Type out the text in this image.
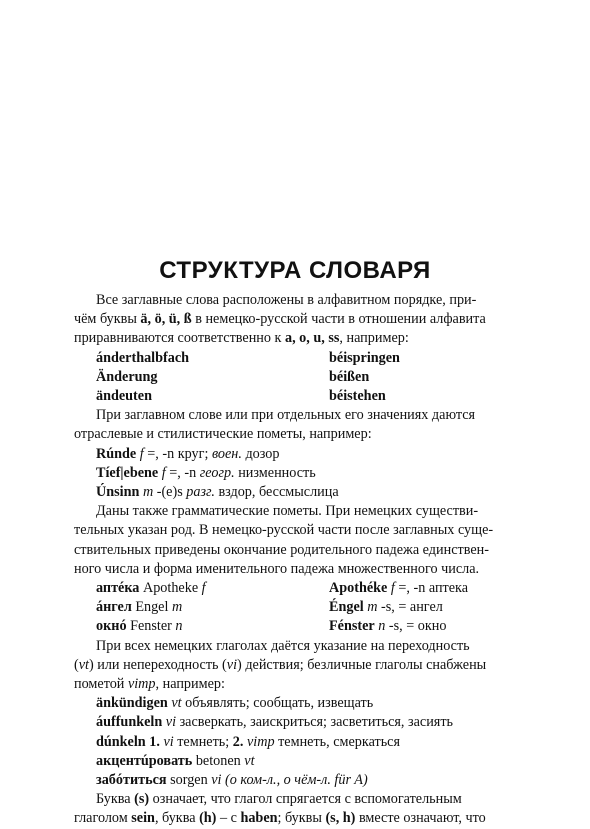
СТРУКТУРА СЛОВАРЯ

Все заглавные слова расположены в алфавитном порядке, при-
чём буквы ä, ö, ü, ß в немецко-русской части в отношении алфавита
приравниваются соответственно к a, o, u, ss, например:

ánderthalbfach	béispringen
Änderung	béißen
ändeuten	béistehen

При заглавном слове или при отдельных его значениях даются
отраслевые и стилистические пометы, например:

Rúnde f =, -n круг; воен. дозор
Tíef|ebene f =, -n геогр. низменность
Únsinn m -(e)s разг. вздор, бессмыслица

Даны также грамматические пометы. При немецких существи-
тельных указан род. В немецко-русской части после заглавных суще-
ствительных приведены окончание родительного падежа единствен-
ного числа и форма именительного падежа множественного числа.

аптéка Apotheke f	Apothéke f =, -n аптека
áнгел Engel m	Éngel m -s, = ангел
окнó Fenster n	Fénster n -s, = окно

При всех немецких глаголах даётся указание на переходность
(vt) или непереходность (vi) действия; безличные глаголы снабжены
пометой vimp, например:

änkündigen vt объявлять; сообщать, извещать
áuffunkeln vi засверкать, заискриться; засветиться, засиять
dúnkeln 1. vi темнеть; 2. vimp темнеть, смеркаться
акцентúровать betonen vt
забóтиться sorgen vi (о ком-л., о чём-л. für A)

Буква (s) означает, что глагол спрягается с вспомогательным
глаголом sein, буква (h) – с haben; буквы (s, h) вместе означают, что
